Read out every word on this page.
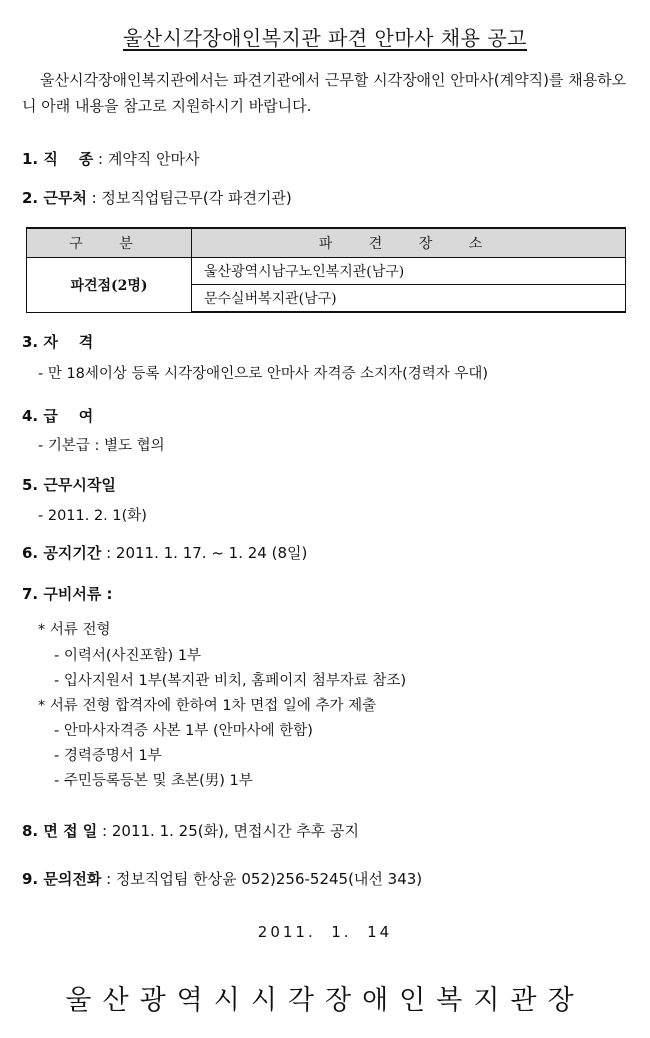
울산시각장애인복지관 파견 안마사 채용 공고

울산시각장애인복지관에서는 파견기관에서 근무할 시각장애인 안마사(계약직)를 채용하오니 아래 내용을 참고로 지원하시기 바랍니다.

1. 직    종 : 계약직 안마사
2. 근무처 : 정보직업팀근무(각 파견기관)
구 분	파 견 장 소
파견점(2명)	울산광역시남구노인복지관(남구)
	문수실버복지관(남구)
3. 자    격
- 만 18세이상 등록 시각장애인으로 안마사 자격증 소지자(경력자 우대)
4. 급    여
- 기본급 : 별도 협의
5. 근무시작일
- 2011. 2. 1(화)
6. 공지기간 : 2011. 1. 17. ~ 1. 24 (8일)
7. 구비서류 :
* 서류 전형
- 이력서(사진포함) 1부
- 입사지원서 1부(복지관 비치, 홈페이지 첨부자료 참조)
* 서류 전형 합격자에 한하여 1차 면접 일에 추가 제출
- 안마사자격증 사본 1부 (안마사에 한함)
- 경력증명서 1부
- 주민등록등본 및 초본(男) 1부
8. 면 접 일 : 2011. 1. 25(화), 면접시간 추후 공지
9. 문의전화 : 정보직업팀 한상윤 052)256-5245(내선 343)
2011.  1.  14
울산광역시시각장애인복지관장
